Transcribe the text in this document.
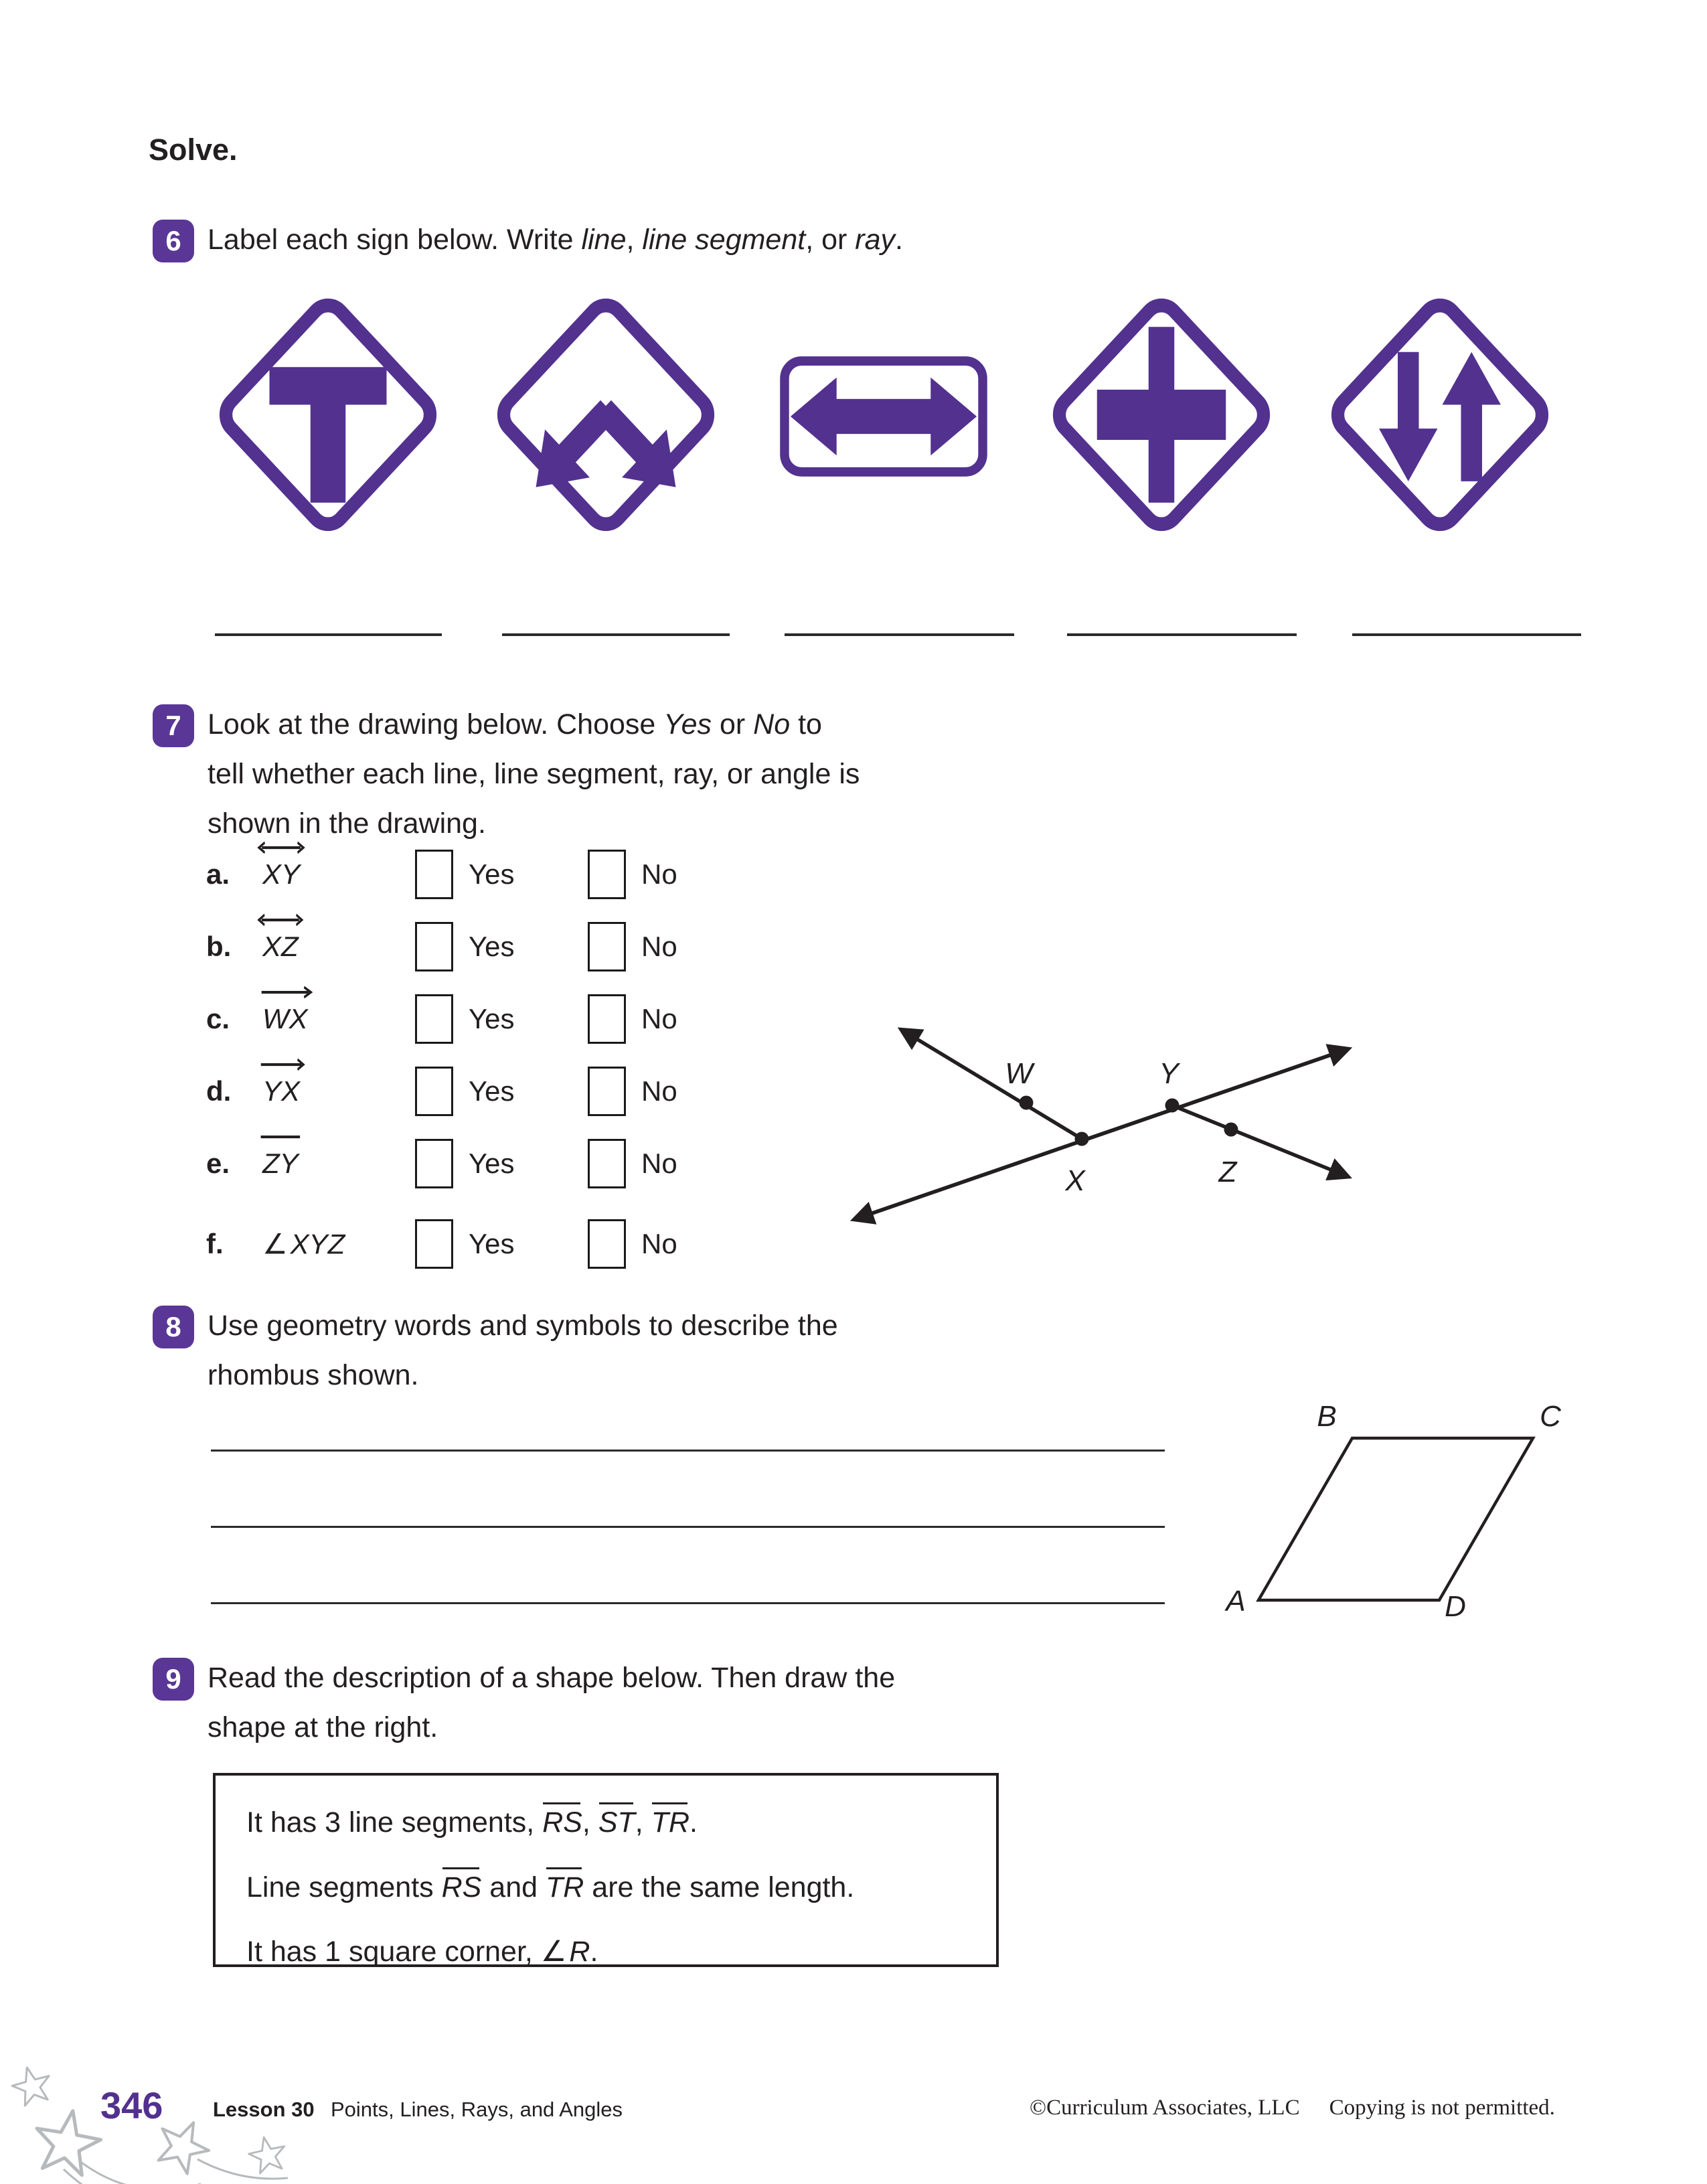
Solve.
6 Label each sign below. Write line, line segment, or ray.
7 Look at the drawing below. Choose Yes or No to
tell whether each line, line segment, ray, or angle is
shown in the drawing.
a. XY	Yes	No
b. XZ	Yes	No
c. WX	Yes	No
d. YX	Yes	No
e. ZY	Yes	No
f. ∠XYZ	Yes	No
W
X
Y
Z
8 Use geometry words and symbols to describe the
rhombus shown.
A
B	C
D
9 Read the description of a shape below. Then draw the
shape at the right.
It has 3 line segments, RS, ST, TR.
Line segments RS and TR are the same length.
It has 1 square corner, ∠R.
346 Lesson 30 Points, Lines, Rays, and Angles	©Curriculum Associates, LLC Copying is not permitted.
